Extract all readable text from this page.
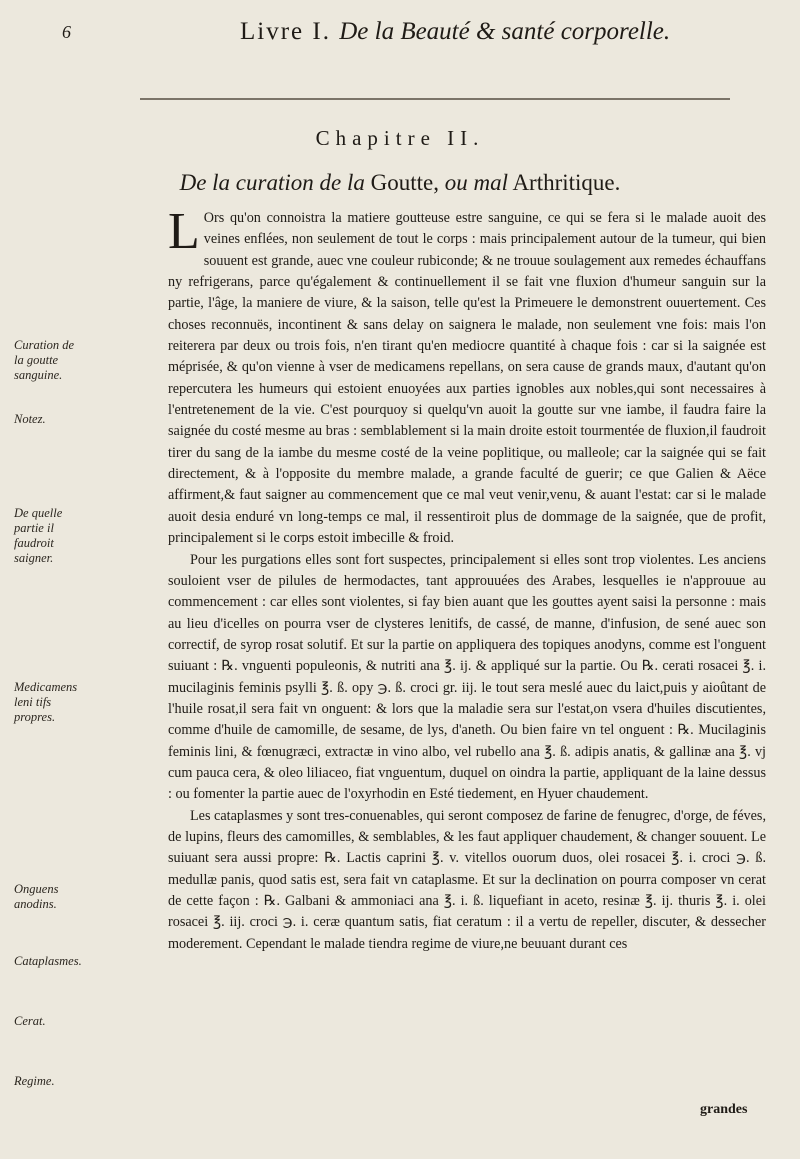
6	Livre I. De la Beauté & santé corporelle.
Chapitre II.
De la curation de la Goutte, ou mal Arthritique.
Curation de la goutte sanguine.
Notez.
De quelle partie il faudroit saigner.
Medicamens leni tifs propres.
Onguens anodins.
Cataplasmes.
Cerat.
Regime.

L Ors qu'on connoistra la matiere goutteuse estre sanguine, ce qui se fera si le malade auoit des veines enflées, non seulement de tout le corps : mais principalement autour de la tumeur, qui bien souuent est grande, auec vne couleur rubiconde; & ne trouue soulagement aux remedes échauffans ny refrigerans, parce qu'également & continuellement il se fait vne fluxion d'humeur sanguin sur la partie, l'âge, la maniere de viure, & la saison, telle qu'est la Primeuere le demonstrent ouuertement. Ces choses reconnuës, incontinent & sans delay on saignera le malade, non seulement vne fois: mais l'on reiterera par deux ou trois fois, n'en tirant qu'en mediocre quantité à chaque fois : car si la saignée est méprisée, & qu'on vienne à vser de medicamens repellans, on sera cause de grands maux, d'autant qu'on repercutera les humeurs qui estoient enuoyées aux parties ignobles aux nobles,qui sont necessaires à l'entretenement de la vie. C'est pourquoy si quelqu'vn auoit la goutte sur vne iambe, il faudra faire la saignée du costé mesme au bras : semblablement si la main droite estoit tourmentée de fluxion,il faudroit tirer du sang de la iambe du mesme costé de la veine poplitique, ou malleole; car la saignée qui se fait directement, & à l'opposite du membre malade, a grande faculté de guerir; ce que Galien & Aëce affirment,& faut saigner au commencement que ce mal veut venir,venu, & auant l'estat: car si le malade auoit desia enduré vn long-temps ce mal, il ressentiroit plus de dommage de la saignée, que de profit, principalement si le corps estoit imbecille & froid.

Pour les purgations elles sont fort suspectes, principalement si elles sont trop violentes. Les anciens souloient vser de pilules de hermodactes, tant approuuées des Arabes, lesquelles ie n'approuue au commencement : car elles sont violentes, si fay bien auant que les gouttes ayent saisi la personne : mais au lieu d'icelles on pourra vser de clysteres lenitifs, de cassé, de manne, d'infusion, de sené auec son correctif, de syrop rosat solutif. Et sur la partie on appliquera des topiques anodyns, comme est l'onguent suiuant : ℞. vnguenti populeonis, & nutriti ana ℥. ij. & appliqué sur la partie. Ou ℞. cerati rosacei ℥. i. mucilaginis feminis psylli ℥. ß. opy ℈. ß. croci gr. iij. le tout sera meslé auec du laict,puis y aioûtant de l'huile rosat,il sera fait vn onguent: & lors que la maladie sera sur l'estat,on vsera d'huiles discutientes, comme d'huile de camomille, de sesame, de lys, d'aneth. Ou bien faire vn tel onguent : ℞. Mucilaginis feminis lini, & fœnugræci, extractæ in vino albo, vel rubello ana ℥. ß. adipis anatis, & gallinæ ana ℥. vj cum pauca cera, & oleo liliaceo, fiat vnguentum, duquel on oindra la partie, appliquant de la laine dessus : ou fomenter la partie auec de l'oxyrhodin en Esté tiedement, en Hyuer chaudement.

Les cataplasmes y sont tres-conuenables, qui seront composez de farine de fenugrec, d'orge, de féves, de lupins, fleurs des camomilles, & semblables, & les faut appliquer chaudement, & changer souuent. Le suiuant sera aussi propre: ℞. Lactis caprini ℥. v. vitellos ouorum duos, olei rosacei ℥. i. croci ℈. ß. medullæ panis, quod satis est, sera fait vn cataplasme. Et sur la declination on pourra composer vn cerat de cette façon : ℞. Galbani & ammoniaci ana ℥. i. ß. liquefiant in aceto, resinæ ℥. ij. thuris ℥. i. olei rosacei ℥. iij. croci ℈. i. ceræ quantum satis, fiat ceratum : il a vertu de repeller, discuter, & dessecher moderement. Cependant le malade tiendra regime de viure,ne beuuant durant ces

grandes
